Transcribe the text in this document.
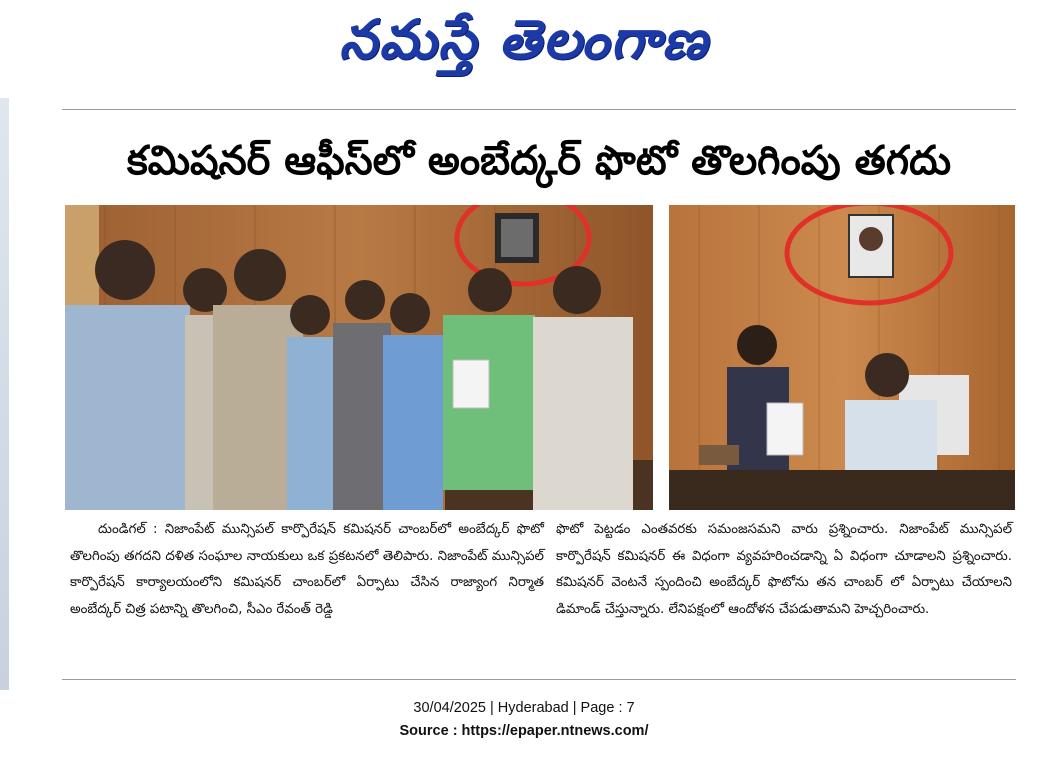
నమస్తే తెలంగాణ
కమిషనర్ ఆఫీస్‌లో అంబేద్కర్ ఫొటో తొలగింపు తగదు
దుండిగల్ : నిజాంపేట్ మున్సిపల్ కార్పొరేషన్ కమిషనర్ చాంబర్‌లో అంబేద్కర్ ఫొటో తొలగింపు తగదని దళిత సంఘాల నాయకులు ఒక ప్రకటనలో తెలిపారు. నిజాంపేట్ మున్సిపల్ కార్పొరేషన్ కార్యాలయంలోని కమిషనర్ చాంబర్‌లో ఏర్పాటు చేసిన రాజ్యాంగ నిర్మాత అంబేద్కర్ చిత్ర పటాన్ని తొలగించి, సీఎం రేవంత్ రెడ్డి
ఫొటో పెట్టడం ఎంతవరకు సమంజసమని వారు ప్రశ్నించారు. నిజాంపేట్ మున్సిపల్ కార్పొరేషన్ కమిషనర్ ఈ విధంగా వ్యవహరించడాన్ని ఏ విధంగా చూడాలని ప్రశ్నించారు. కమిషనర్ వెంటనే స్పందించి అంబేద్కర్ ఫొటోను తన చాంబర్ లో ఏర్పాటు చేయాలని డిమాండ్ చేస్తున్నారు. లేనిపక్షంలో ఆందోళన చేపడుతామని హెచ్చరించారు.
30/04/2025 | Hyderabad | Page : 7
Source : https://epaper.ntnews.com/
